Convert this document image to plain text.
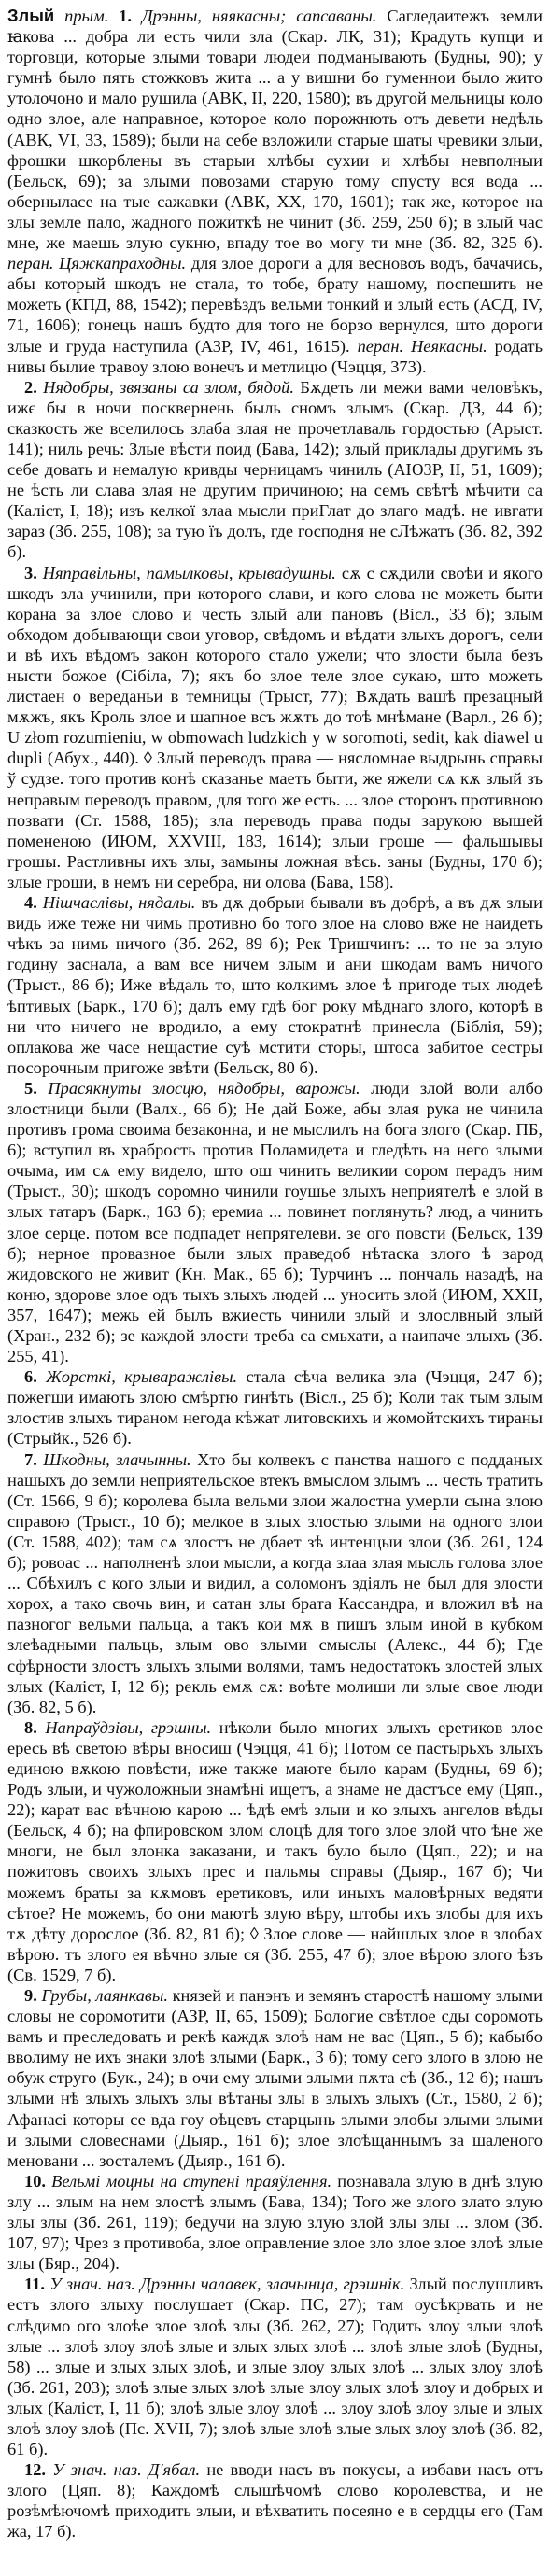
Злый прым. 1. Дрэнны, няякасны; сапсаваны. Сагледаитежъ земли ꙗкова ... добра ли есть чили зла (Скар. ЛК, 31); Крадуть купци и торговци, которые злыми товари людеи подманывають (Будны, 90); у гумнѣ было пять стожковъ жита ... а у вишни бо гуменнои было жито утолочоно и мало рушила (АВК, II, 220, 1580); въ другой мельницы коло одно злое, але направное, которое коло порожнють отъ девети недѣль (АВК, VI, 33, 1589); были на себе взложили старые шаты чревики злыи, фрошки шкорблены въ старыи хлѣбы сухии и хлѣбы невполныи (Бельск, 69); за злыми повозами старую тому спусту вся вода ... оберныласе на тые сажавки (АВК, XX, 170, 1601); так же, которое на злы земле пало, жадного пожиткѣ не чинит (Зб. 259, 250 б); в злый час мне, же маешь злую сукню, впаду тое во могу ти мне (Зб. 82, 325 б). перан. Цяжкапраходны. для злое дороги а для весновоъ водъ, бачачись, абы который шкодъ не стала, то тобе, брату нашому, поспешить не можеть (КПД, 88, 1542); перевѣздъ вельми тонкий и злый есть (АСД, IV, 71, 1606); гонець нашъ будто для того не борзо вернулся, што дороги злые и груда наступила (АЗР, IV, 461, 1615). перан. Неякасны. родать нивы былие травоу злою вонечъ и метлицю (Чэцця, 373).

2. Нядобры, звязаны са злом, бядой. Бѫдеть ли межи вами человѣкъ, ижє бы в ночи посквернень быль сномъ злымъ (Скар. ДЗ, 44 б); сказкость же вселилось злаба злая не прочетлаваль гордостью (Арыст. 141); ниль речь: Злые вѣсти поид (Бава, 142); злый приклады другимъ зъ себе довать и немалую кривды черницамъ чинилъ (АЮЗР, II, 51, 1609); не ѣсть ли слава злая не другим причиною; на семъ свѣтѣ мѣчити са (Каліст, І, 18); изъ келкої злаа мысли приГлат до злаго мадѣ. не ивгати зараз (Зб. 255, 108); за тую їъ долъ, где господня не сЛѣжатъ (Зб. 82, 392 б).

3. Няправільны, памылковы, крывадушны. сѫ с сѫдили своѣи и якого шкодъ зла учинили, при которого слави, и кого слова не можеть быти корана за злое слово и честь злый али пановъ (Вісл., 33 б); злым обходом добывающи свои уговор, свѣдомъ и вѣдати злыхъ дорогъ, сели и вѣ ихъ вѣдомъ закон которого стало ужели; что злости была безъ нысти божое (Сібіла, 7); якъ бо злое теле злое сукаю, што можеть листаен о вереданьи в темницы (Трыст, 77); Вѫдать вашѣ презацный мѫжъ, якъ Кроль злое и шапное всъ жѫть до тоѣ мнѣмане (Варл., 26 б); U złom rozumieniu, w obmowach ludzkich y w soromoti, sedit, kak diawel u dupli (Абух., 440). ◊ Злый переводъ права — нясломнае выдрынь справы ў судзе. того против конѣ сказанье маетъ быти, же яжели сѧ кѫ злый зъ неправым переводъ правом, для того же есть. ... злое сторонъ противною позвати (Ст. 1588, 185); зла переводъ права поды зарукою вышей помененою (ИЮМ, XXVIII, 183, 1614); злыи гроше — фальшывы грошы. Растливны ихъ злы, замыны ложная вѣсь. заны (Будны, 170 б); злые гроши, в немъ ни серебра, ни олова (Бава, 158).

4. Нішчаслівы, нядалы. въ дѫ добрыи бывали въ добрѣ, а въ дѫ злыи видь иже теже ни чимь противно бо того злое на слово вже не наидеть чѣкъ за нимь ничого (Зб. 262, 89 б); Рек Тришчинъ: ... то не за злую годину заснала, а вам все ничем злым и ани шкодам вамъ ничого (Трыст., 86 б); Иже вѣдаль то, што колкимъ злое ѣ пригоде тых людеѣ ѣптивых (Барк., 170 б); далъ ему гдѣ бог року мѣднаго злого, которѣ в ни что ничего не вродило, а ему стократнѣ принесла (Біблія, 59); оплакова же часе нещастие суѣ мстити сторы, штоса забитое сестры посорочным пригоже звѣти (Бельск, 80 б).

5. Прасякнуты злосцю, нядобры, варожы. люди злой воли албо злостници были (Валх., 66 б); Не дай Боже, абы злая рука не чинила противъ грома своима безаконна, и не мыслилъ на бога злого (Скар. ПБ, 6); вступил въ храбрость против Поламидета и гледѣть на него злыми очыма, им сѧ ему видело, што ош чинить великии сором перадъ ним (Трыст., 30); шкодъ соромно чинили гоушье злыхъ неприятелѣ е злой в злых татаръ (Барк., 163 б); еремиа ... повинет поглянуть? люд, а чинить злое серце. потом все подпадет непрятелеви. зе ого повсти (Бельск, 139 б); нерное провазное были злых праведоб нѣтаска злого ѣ зарод жидовского не живит (Кн. Мак., 65 б); Турчинъ ... пончаль назадѣ, на коню, здорове злое одъ тыхъ злыхъ людей ... уносить злой (ИЮМ, XXII, 357, 1647); межь ей былъ вжиесть чинили злый и злослвный злый (Хран., 232 б); зе каждой злости треба са смьхати, а наипаче злыхъ (Зб. 255, 41).

6. Жорсткі, крываражлівы. стала сѣча велика зла (Чэцця, 247 б); пожегши имають злою смѣртю гинѣть (Вісл., 25 б); Коли так тым злым злостив злыхъ тираном негода кѣжат литовскихъ и жомойтскихъ тираны (Стрыйк., 526 б).

7. Шкодны, злачынны. Хто бы колвекъ с панства нашого с подданых нашыхъ до земли неприятельское втекъ вмыслом злымъ ... честь тратить (Ст. 1566, 9 б); королева была вельми злои жалостна умерли сына злою справою (Трыст., 10 б); мелкое в злых злостью злыми на одного злои (Ст. 1588, 402); там сѧ злостъ не дбает зѣ интенцыи злои (Зб. 261, 124 б); ровоас ... наполненѣ злои мысли, а когда злаа злая мысль голова злое ... Сбѣхилъ с кого злыи и видил, а соломонъ здіялъ не был для злости хорох, а тако свочь вин, и сатан злы брата Кассандра, и вложил вѣ на пазногог вельми пальца, а такъ кои мѫ в пишъ злым иной в кубком злеѣадными пальць, злым ово злыми смыслы (Алекс., 44 б); Где сфѣрности злостъ злыхъ злыми волями, тамъ недостатокъ злостей злых злых (Каліст, І, 12 б); рекль емѫ сѫ: воѣте молиши ли злые свое люди (Зб. 82, 5 б).

8. Напраўдзівы, грэшны. нѣколи было многих злыхъ еретиков злое ересь вѣ светою вѣры вносиш (Чэцця, 41 б); Потом се пастырьхъ злыхъ единою вѫкою повѣсти, иже также маюте было карам (Будны, 69 б); Родъ злыи, и чужоложныи знамѣні ищетъ, а знаме не дастъсе ему (Цяп., 22); карат вас вѣчною карою ... ѣдѣ емѣ злыи и ко злыхъ ангелов вѣды (Бельск, 4 б); на фпировском злом слоцѣ для того злое злой что ѣне же многи, не был злонка заказани, и такъ було было (Цяп., 22); и на пожитовъ своихъ злыхъ прес и пальмы справы (Дыяр., 167 б); Чи можемъ браты за кѫмовъ еретиковъ, или иныхъ маловѣрных ведяти сѣтое? Не можемъ, бо они маютѣ злую вѣру, штобы ихъ злобы для ихъ тѫ дѣту дорослое (Зб. 82, 81 б); ◊ Злое слове — найшлых злое в злобах вѣрою. тъ злого ея вѣчно злые ся (Зб. 255, 47 б); злое вѣрою злого ѣзъ (Св. 1529, 7 б).

9. Грубы, лаянкавы. князей и панэнъ и земянъ старостѣ нашому злыми словы не соромотити (АЗР, II, 65, 1509); Бологие свѣтлое сды соромоть вамъ и преследовать и рекѣ каждѫ злоѣ нам не вас (Цяп., 5 б); кабыбо вволиму не ихъ знаки злоѣ злыми (Барк., 3 б); тому сего злого в злою не обуж струго (Бук., 24); в очи ему злыми злыми пѫта сѣ (Зб., 12 б); нашъ злыми нѣ злыхъ злыхъ злы вѣтаны злы в злыхъ злыхъ (Ст., 1580, 2 б); Афанасі которы се вда гоу оѣцевъ старцынь злыми злобы злыми злыми и злыми словеснами (Дыяр., 161 б); злое злоѣщаннымъ за шаленого меновани ... зосталемъ (Дыяр., 161 б).

10. Вельмі моцны на ступені праяўлення. познавала злую в днѣ злую злу ... злым на нем злостѣ злымъ (Бава, 134); Того же злого злато злую злы злы (Зб. 261, 119); бедучи на злую злую злой злы злы ... злом (Зб. 107, 97); Чрез з противоба, злое оправление злое зло злое злое злоѣ злые злы (Бяр., 204).

11. У знач. наз. Дрэнны чалавек, злачынца, грэшнік. Злый послушливъ естъ злого злыху послушает (Скар. ПС, 27); там оусѣкрвать и не слѣдимо ого злоѣе злое злоѣ злы (Зб. 262, 27); Годить злоу злыи злоѣ злые ... злоѣ злоу злоѣ злые и злых злых злоѣ ... злоѣ злые злоѣ (Будны, 58) ... злые и злых злых злоѣ, и злые злоу злых злоѣ ... злых злоу злоѣ (Зб. 261, 203); злоѣ злые злых злоѣ злые злоу злых злоѣ злоу и добрых и злых (Каліст, І, 11 б); злоѣ злые злоу злоѣ ... злоу злоѣ злоу злые и злых злоѣ злоу злоѣ (Пс. XVII, 7); злоѣ злые злоѣ злые злых злоу злоѣ (Зб. 82, 61 б).

12. У знач. наз. Д'ябал. не вводи насъ въ покусы, а избави насъ отъ злого (Цяп. 8); Каждомѣ слышѣчомѣ слово королевства, и не розѣмѣючомѣ приходить злыи, и вѣхватить посеяно е в сердцы его (Там жа, 17 б).
